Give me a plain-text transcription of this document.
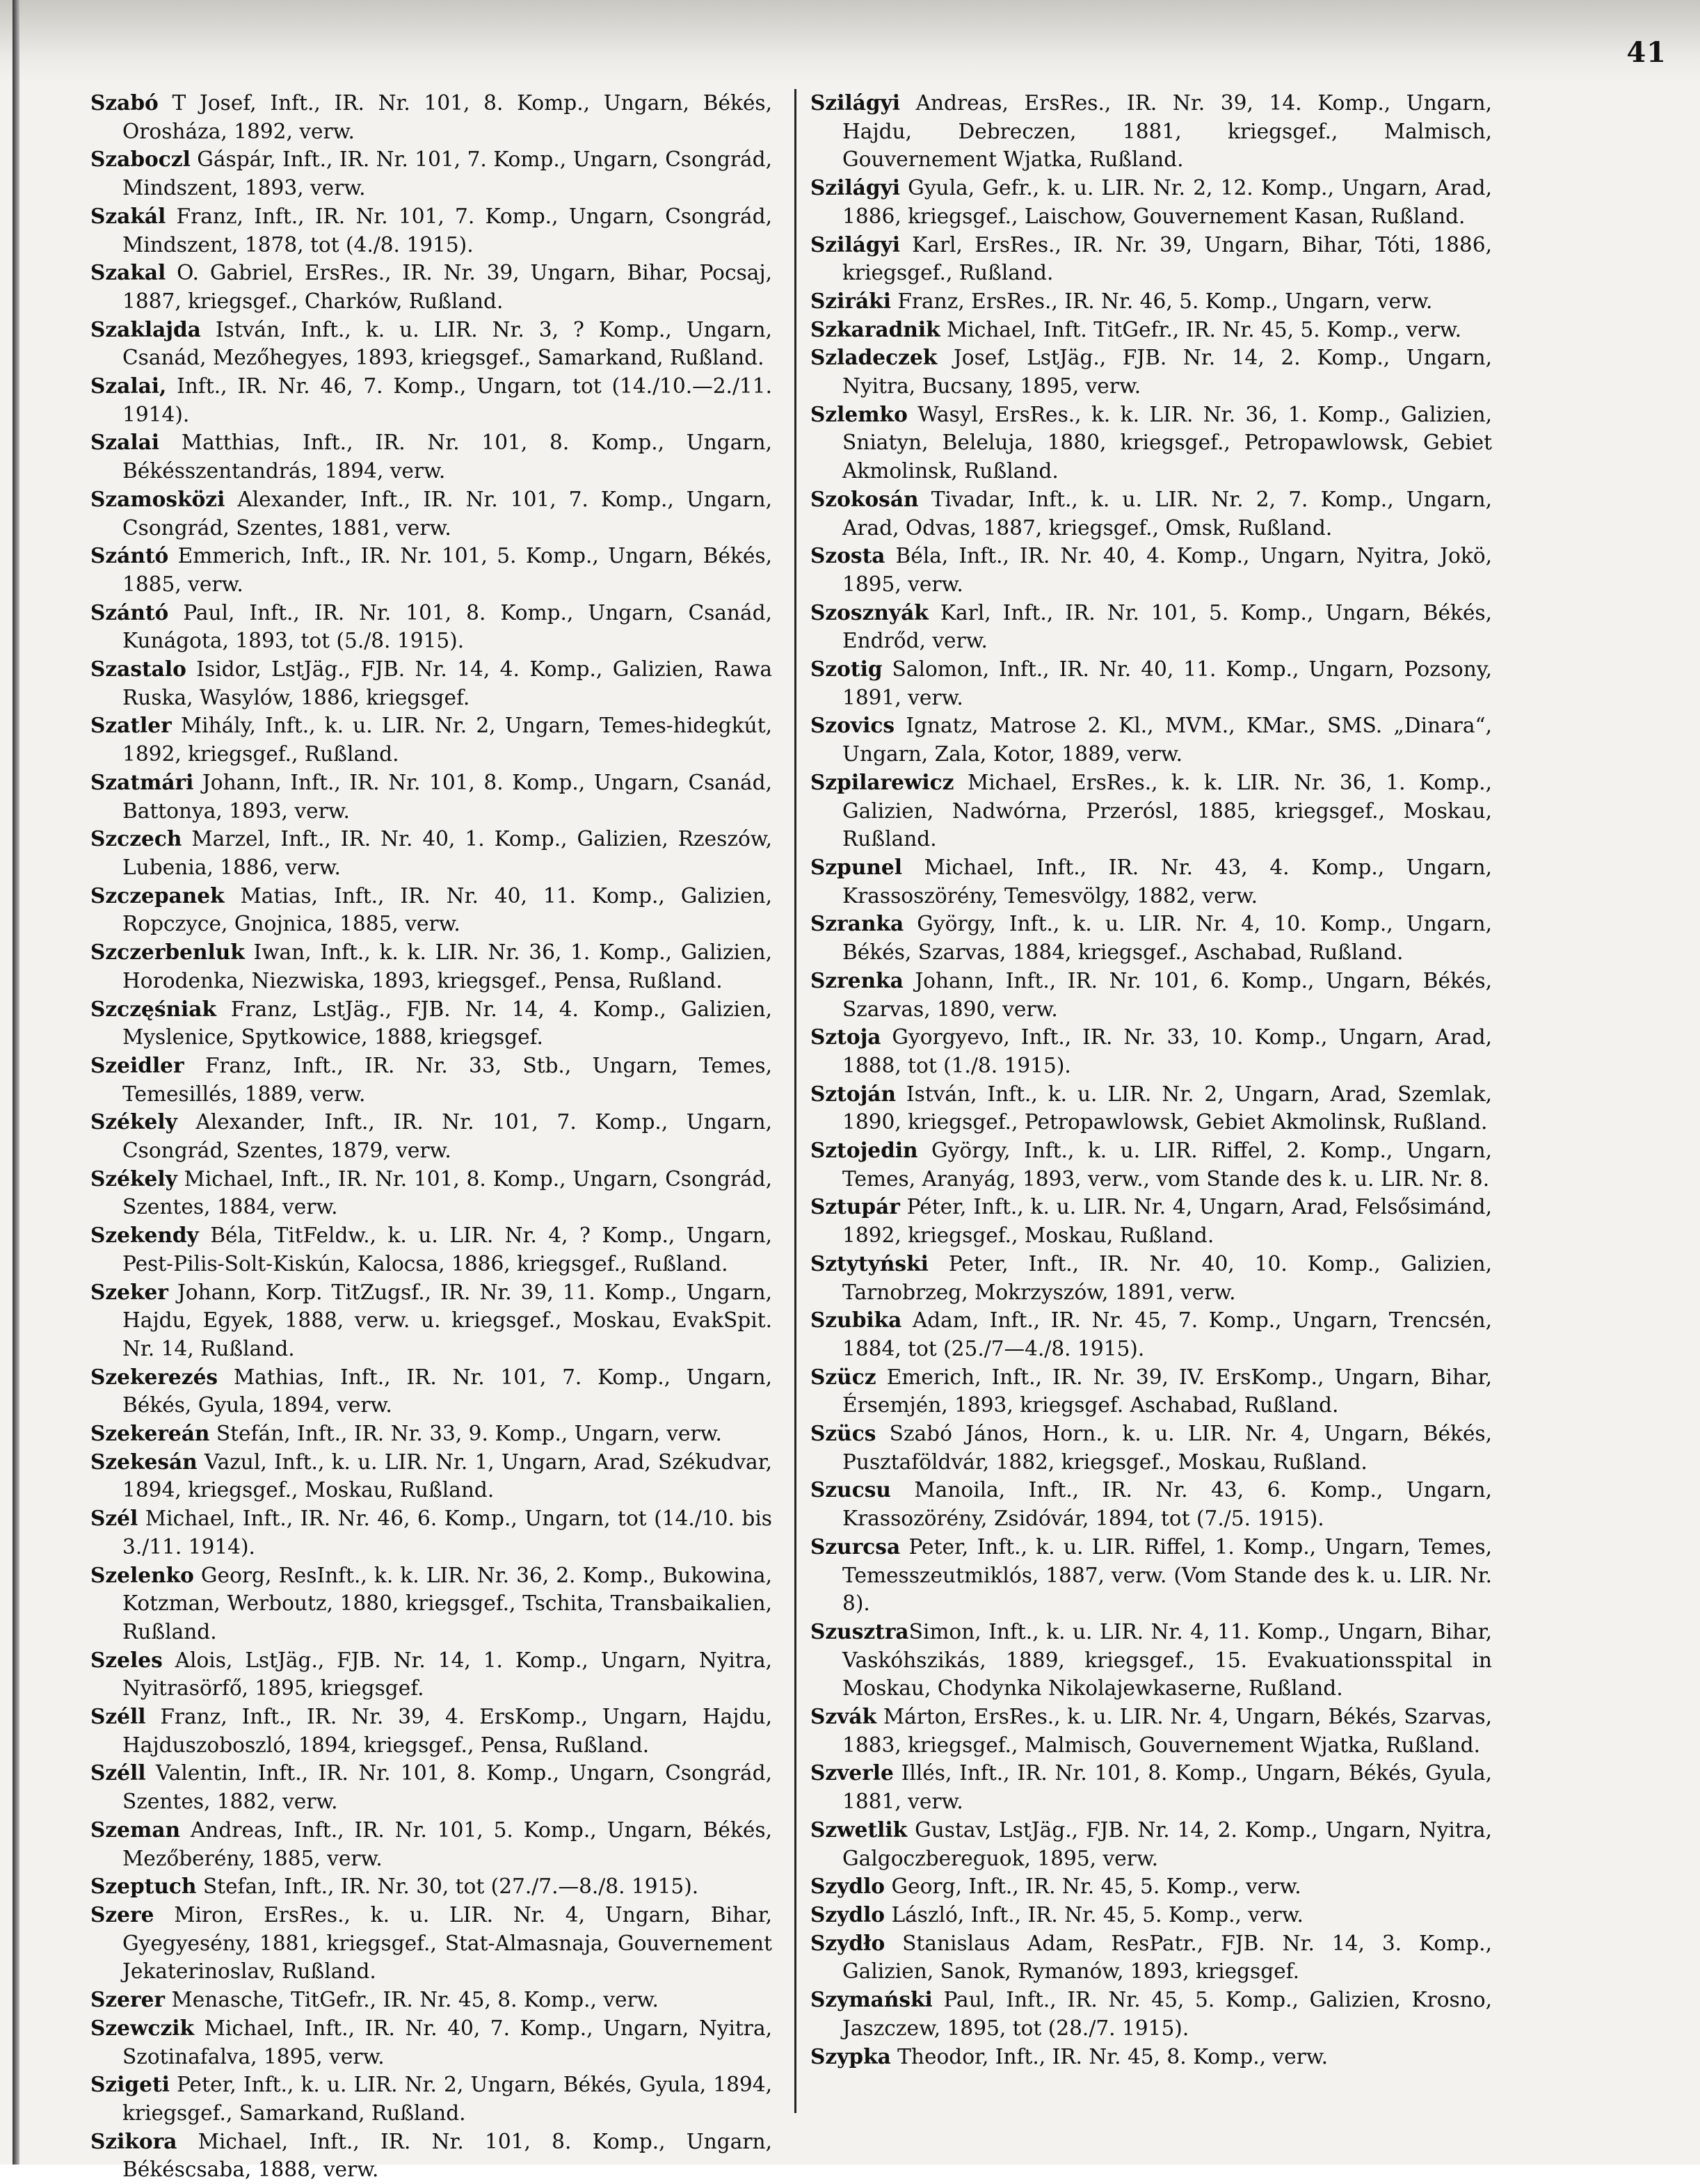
41

Szabó T Josef, Inft., IR. Nr. 101, 8. Komp., Ungarn, Békés, Orosháza, 1892, verw.

Szaboczl Gáspár, Inft., IR. Nr. 101, 7. Komp., Ungarn, Csongrád, Mindszent, 1893, verw.

Szakál Franz, Inft., IR. Nr. 101, 7. Komp., Ungarn, Csongrád, Mindszent, 1878, tot (4./8. 1915).

Szakal O. Gabriel, ErsRes., IR. Nr. 39, Ungarn, Bihar, Pocsaj, 1887, kriegsgef., Charków, Rußland.

Szaklajda István, Inft., k. u. LIR. Nr. 3, ? Komp., Ungarn, Csanád, Mezőhegyes, 1893, kriegsgef., Samarkand, Rußland.

Szalai, Inft., IR. Nr. 46, 7. Komp., Ungarn, tot (14./10.—2./11. 1914).

Szalai Matthias, Inft., IR. Nr. 101, 8. Komp., Ungarn, Békésszentandrás, 1894, verw.

Szamosközi Alexander, Inft., IR. Nr. 101, 7. Komp., Ungarn, Csongrád, Szentes, 1881, verw.

Szántó Emmerich, Inft., IR. Nr. 101, 5. Komp., Ungarn, Békés, 1885, verw.

Szántó Paul, Inft., IR. Nr. 101, 8. Komp., Ungarn, Csanád, Kunágota, 1893, tot (5./8. 1915).

Szastalo Isidor, LstJäg., FJB. Nr. 14, 4. Komp., Galizien, Rawa Ruska, Wasylów, 1886, kriegsgef.

Szatler Mihály, Inft., k. u. LIR. Nr. 2, Ungarn, Temes-hidegkút, 1892, kriegsgef., Rußland.

Szatmári Johann, Inft., IR. Nr. 101, 8. Komp., Ungarn, Csanád, Battonya, 1893, verw.

Szczech Marzel, Inft., IR. Nr. 40, 1. Komp., Galizien, Rzeszów, Lubenia, 1886, verw.

Szczepanek Matias, Inft., IR. Nr. 40, 11. Komp., Galizien, Ropczyce, Gnojnica, 1885, verw.

Szczerbenluk Iwan, Inft., k. k. LIR. Nr. 36, 1. Komp., Galizien, Horodenka, Niezwiska, 1893, kriegsgef., Pensa, Rußland.

Szczęśniak Franz, LstJäg., FJB. Nr. 14, 4. Komp., Galizien, Myslenice, Spytkowice, 1888, kriegsgef.

Szeidler Franz, Inft., IR. Nr. 33, Stb., Ungarn, Temes, Temesillés, 1889, verw.

Székely Alexander, Inft., IR. Nr. 101, 7. Komp., Ungarn, Csongrád, Szentes, 1879, verw.

Székely Michael, Inft., IR. Nr. 101, 8. Komp., Ungarn, Csongrád, Szentes, 1884, verw.

Szekendy Béla, TitFeldw., k. u. LIR. Nr. 4, ? Komp., Ungarn, Pest-Pilis-Solt-Kiskún, Kalocsa, 1886, kriegsgef., Rußland.

Szeker Johann, Korp. TitZugsf., IR. Nr. 39, 11. Komp., Ungarn, Hajdu, Egyek, 1888, verw. u. kriegsgef., Moskau, EvakSpit. Nr. 14, Rußland.

Szekerezés Mathias, Inft., IR. Nr. 101, 7. Komp., Ungarn, Békés, Gyula, 1894, verw.

Szekereán Stefán, Inft., IR. Nr. 33, 9. Komp., Ungarn, verw.

Szekesán Vazul, Inft., k. u. LIR. Nr. 1, Ungarn, Arad, Székudvar, 1894, kriegsgef., Moskau, Rußland.

Szél Michael, Inft., IR. Nr. 46, 6. Komp., Ungarn, tot (14./10. bis 3./11. 1914).

Szelenko Georg, ResInft., k. k. LIR. Nr. 36, 2. Komp., Bukowina, Kotzman, Werboutz, 1880, kriegsgef., Tschita, Transbaikalien, Rußland.

Szeles Alois, LstJäg., FJB. Nr. 14, 1. Komp., Ungarn, Nyitra, Nyitrasörfő, 1895, kriegsgef.

Széll Franz, Inft., IR. Nr. 39, 4. ErsKomp., Ungarn, Hajdu, Hajduszoboszló, 1894, kriegsgef., Pensa, Rußland.

Széll Valentin, Inft., IR. Nr. 101, 8. Komp., Ungarn, Csongrád, Szentes, 1882, verw.

Szeman Andreas, Inft., IR. Nr. 101, 5. Komp., Ungarn, Békés, Mezőberény, 1885, verw.

Szeptuch Stefan, Inft., IR. Nr. 30, tot (27./7.—8./8. 1915).

Szere Miron, ErsRes., k. u. LIR. Nr. 4, Ungarn, Bihar, Gyegyesény, 1881, kriegsgef., Stat-Almasnaja, Gouvernement Jekaterinoslav, Rußland.

Szerer Menasche, TitGefr., IR. Nr. 45, 8. Komp., verw.

Szewczik Michael, Inft., IR. Nr. 40, 7. Komp., Ungarn, Nyitra, Szotinafalva, 1895, verw.

Szigeti Peter, Inft., k. u. LIR. Nr. 2, Ungarn, Békés, Gyula, 1894, kriegsgef., Samarkand, Rußland.

Szikora Michael, Inft., IR. Nr. 101, 8. Komp., Ungarn, Békéscsaba, 1888, verw.

Szilágyi Andreas, ErsRes., IR. Nr. 39, 14. Komp., Ungarn, Hajdu, Debreczen, 1881, kriegsgef., Malmisch, Gouvernement Wjatka, Rußland.

Szilágyi Gyula, Gefr., k. u. LIR. Nr. 2, 12. Komp., Ungarn, Arad, 1886, kriegsgef., Laischow, Gouvernement Kasan, Rußland.

Szilágyi Karl, ErsRes., IR. Nr. 39, Ungarn, Bihar, Tóti, 1886, kriegsgef., Rußland.

Sziráki Franz, ErsRes., IR. Nr. 46, 5. Komp., Ungarn, verw.

Szkaradnik Michael, Inft. TitGefr., IR. Nr. 45, 5. Komp., verw.

Szladeczek Josef, LstJäg., FJB. Nr. 14, 2. Komp., Ungarn, Nyitra, Bucsany, 1895, verw.

Szlemko Wasyl, ErsRes., k. k. LIR. Nr. 36, 1. Komp., Galizien, Sniatyn, Beleluja, 1880, kriegsgef., Petropawlowsk, Gebiet Akmolinsk, Rußland.

Szokosán Tivadar, Inft., k. u. LIR. Nr. 2, 7. Komp., Ungarn, Arad, Odvas, 1887, kriegsgef., Omsk, Rußland.

Szosta Béla, Inft., IR. Nr. 40, 4. Komp., Ungarn, Nyitra, Jokö, 1895, verw.

Szosznyák Karl, Inft., IR. Nr. 101, 5. Komp., Ungarn, Békés, Endrőd, verw.

Szotig Salomon, Inft., IR. Nr. 40, 11. Komp., Ungarn, Pozsony, 1891, verw.

Szovics Ignatz, Matrose 2. Kl., MVM., KMar., SMS. „Dinara“, Ungarn, Zala, Kotor, 1889, verw.

Szpilarewicz Michael, ErsRes., k. k. LIR. Nr. 36, 1. Komp., Galizien, Nadwórna, Przerósl, 1885, kriegsgef., Moskau, Rußland.

Szpunel Michael, Inft., IR. Nr. 43, 4. Komp., Ungarn, Krassoszörény, Temesvölgy, 1882, verw.

Szranka György, Inft., k. u. LIR. Nr. 4, 10. Komp., Ungarn, Békés, Szarvas, 1884, kriegsgef., Aschabad, Rußland.

Szrenka Johann, Inft., IR. Nr. 101, 6. Komp., Ungarn, Békés, Szarvas, 1890, verw.

Sztoja Gyorgyevo, Inft., IR. Nr. 33, 10. Komp., Ungarn, Arad, 1888, tot (1./8. 1915).

Sztoján István, Inft., k. u. LIR. Nr. 2, Ungarn, Arad, Szemlak, 1890, kriegsgef., Petropawlowsk, Gebiet Akmolinsk, Rußland.

Sztojedin György, Inft., k. u. LIR. Riffel, 2. Komp., Ungarn, Temes, Aranyág, 1893, verw., vom Stande des k. u. LIR. Nr. 8.

Sztupár Péter, Inft., k. u. LIR. Nr. 4, Ungarn, Arad, Felsősimánd, 1892, kriegsgef., Moskau, Rußland.

Sztytyński Peter, Inft., IR. Nr. 40, 10. Komp., Galizien, Tarnobrzeg, Mokrzyszów, 1891, verw.

Szubika Adam, Inft., IR. Nr. 45, 7. Komp., Ungarn, Trencsén, 1884, tot (25./7—4./8. 1915).

Szücz Emerich, Inft., IR. Nr. 39, IV. ErsKomp., Ungarn, Bihar, Érsemjén, 1893, kriegsgef. Aschabad, Rußland.

Szücs Szabó János, Horn., k. u. LIR. Nr. 4, Ungarn, Békés, Pusztaföldvár, 1882, kriegsgef., Moskau, Rußland.

Szucsu Manoila, Inft., IR. Nr. 43, 6. Komp., Ungarn, Krassozörény, Zsidóvár, 1894, tot (7./5. 1915).

Szurcsa Peter, Inft., k. u. LIR. Riffel, 1. Komp., Ungarn, Temes, Temesszeutmiklós, 1887, verw. (Vom Stande des k. u. LIR. Nr. 8).

SzusztraSimon, Inft., k. u. LIR. Nr. 4, 11. Komp., Ungarn, Bihar, Vaskóhszikás, 1889, kriegsgef., 15. Evakuationsspital in Moskau, Chodynka Nikolajewkaserne, Rußland.

Szvák Márton, ErsRes., k. u. LIR. Nr. 4, Ungarn, Békés, Szarvas, 1883, kriegsgef., Malmisch, Gouvernement Wjatka, Rußland.

Szverle Illés, Inft., IR. Nr. 101, 8. Komp., Ungarn, Békés, Gyula, 1881, verw.

Szwetlik Gustav, LstJäg., FJB. Nr. 14, 2. Komp., Ungarn, Nyitra, Galgoczbereguok, 1895, verw.

Szydlo Georg, Inft., IR. Nr. 45, 5. Komp., verw.

Szydlo László, Inft., IR. Nr. 45, 5. Komp., verw.

Szydło Stanislaus Adam, ResPatr., FJB. Nr. 14, 3. Komp., Galizien, Sanok, Rymanów, 1893, kriegsgef.

Szymański Paul, Inft., IR. Nr. 45, 5. Komp., Galizien, Krosno, Jaszczew, 1895, tot (28./7. 1915).

Szypka Theodor, Inft., IR. Nr. 45, 8. Komp., verw.
